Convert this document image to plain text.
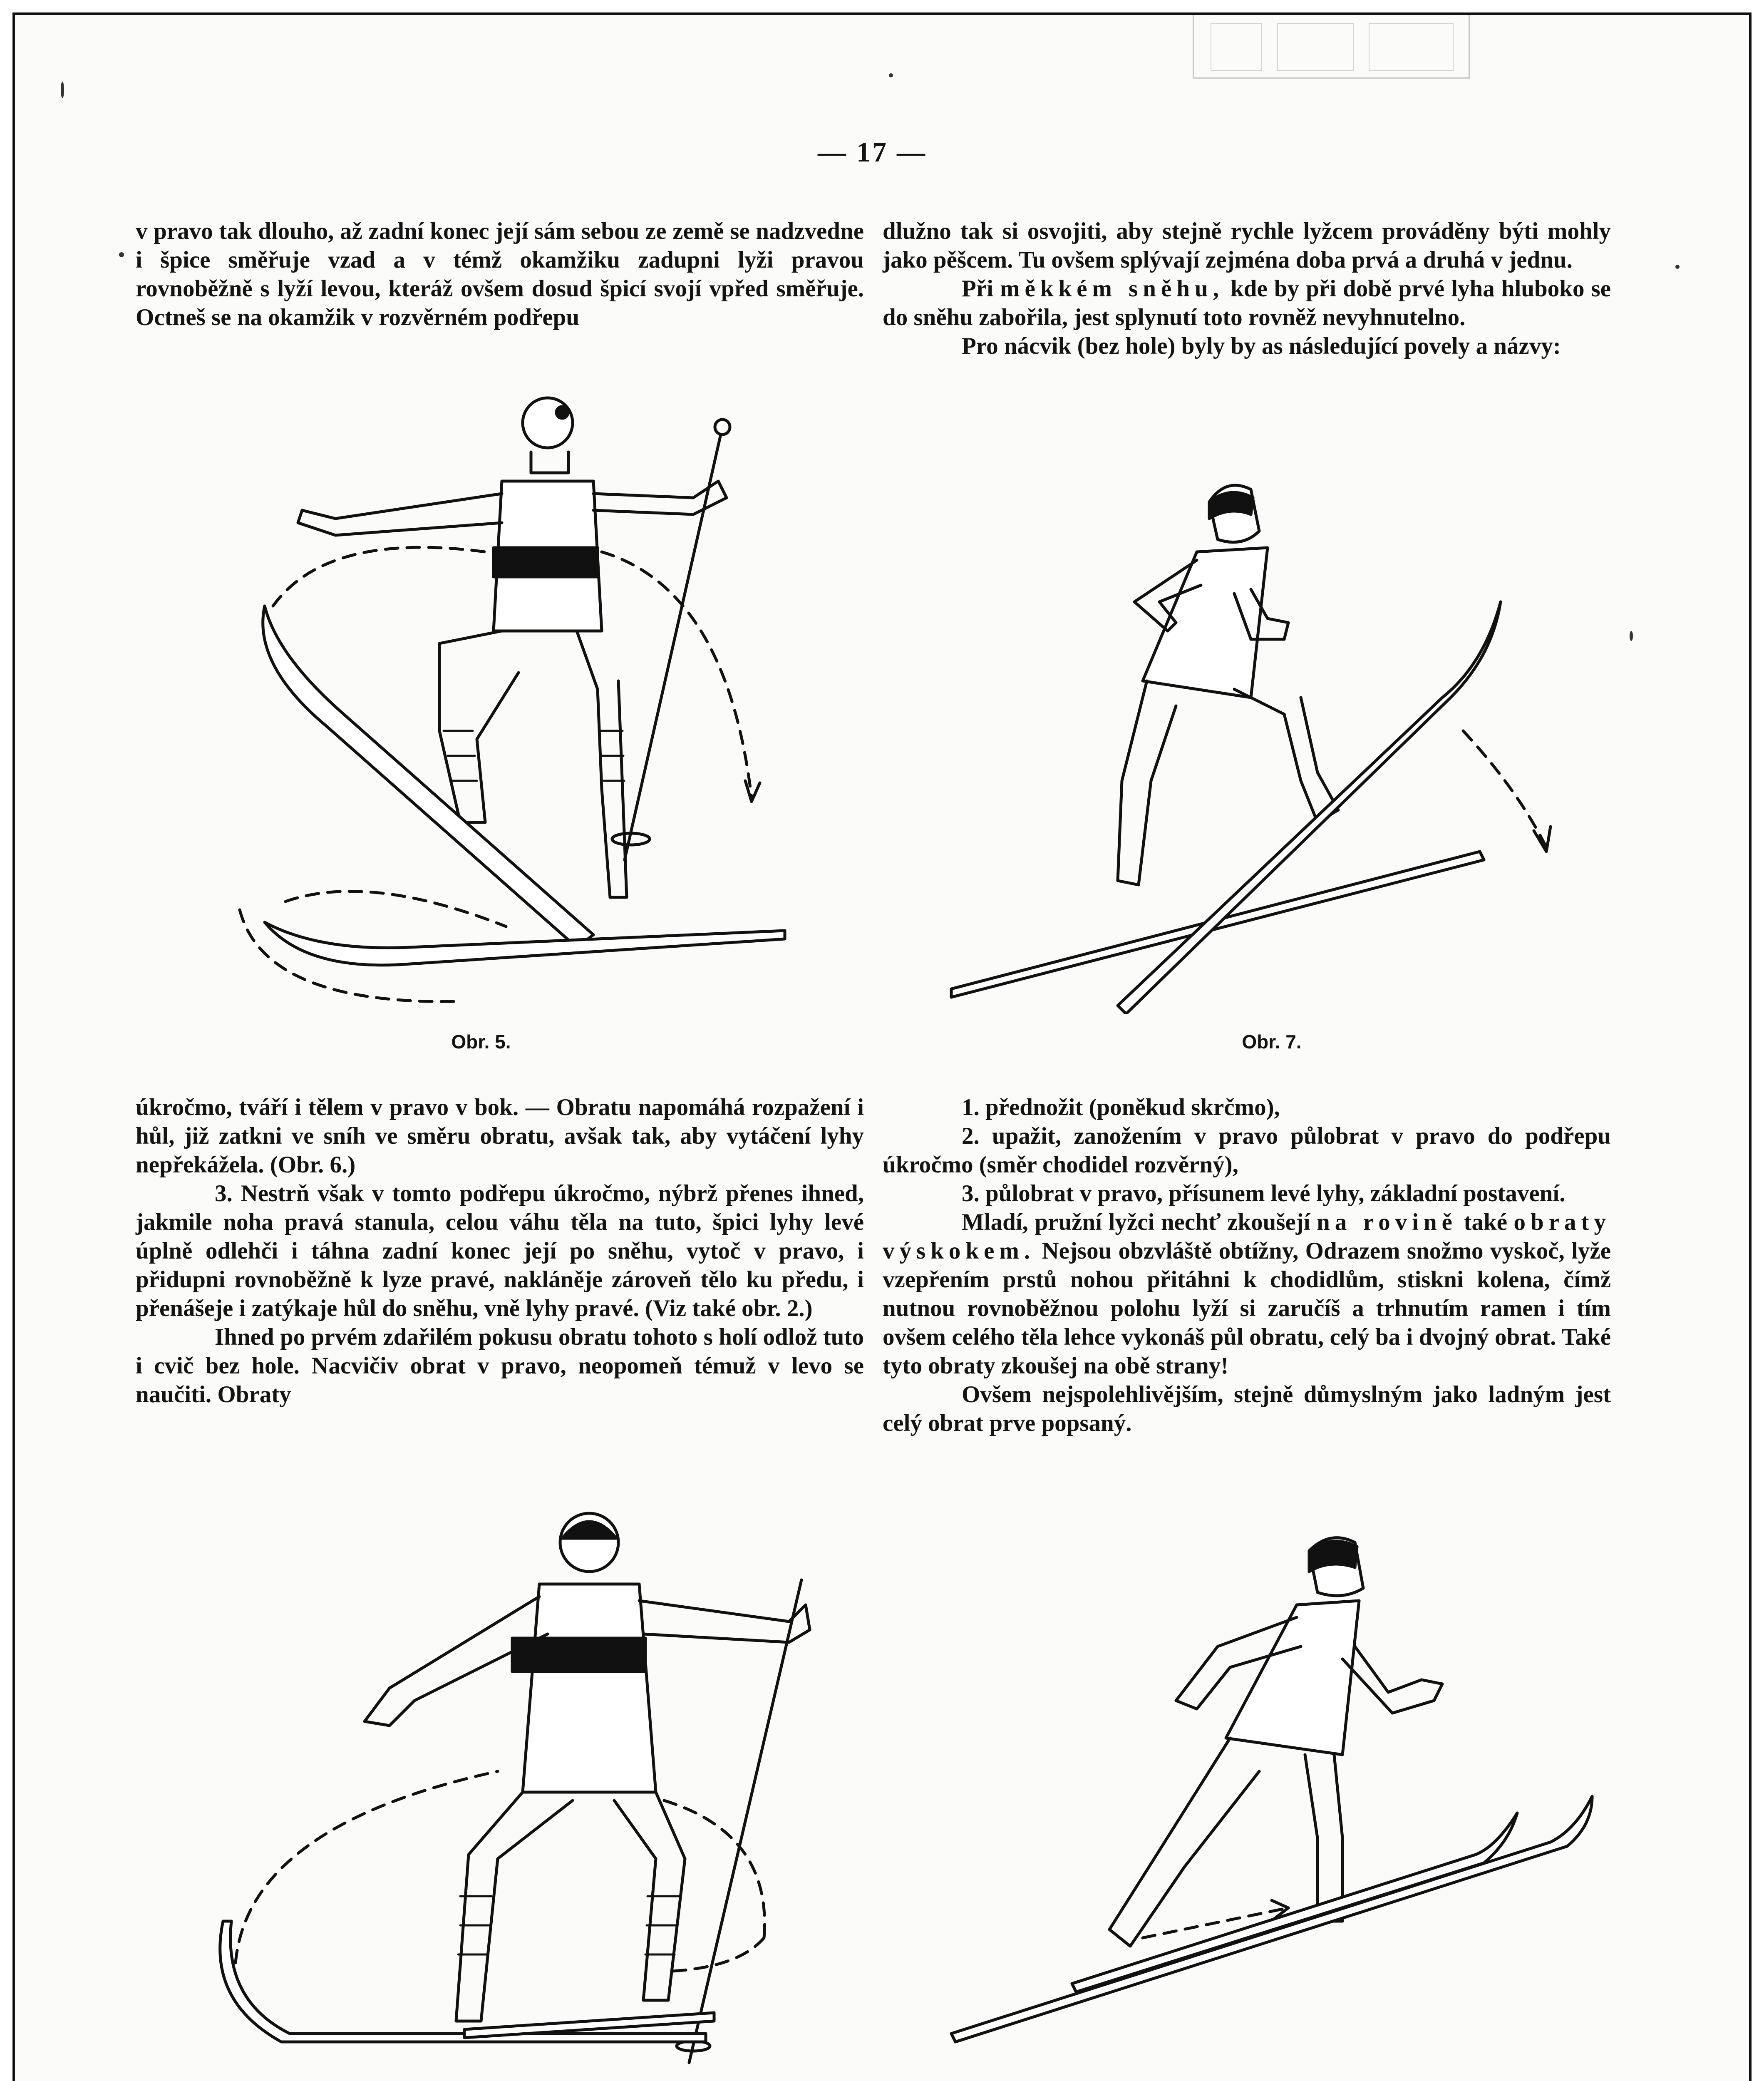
— 17 —

v pravo tak dlouho, až zadní konec její sám sebou ze země se nadzvedne i špice směřuje vzad a v témž okamžiku zadupni lyži pravou rovnoběžně s lyží levou, kteráž ovšem dosud špicí svojí vpřed směřuje. Octneš se na okamžik v rozvěrném podřepu

dlužno tak si osvojiti, aby stejně rychle lyžcem prováděny býti mohly jako pěšcem. Tu ovšem splývají zejména doba prvá a druhá v jednu.

Při měkkém sněhu, kde by při době prvé lyha hluboko se do sněhu zabořila, jest splynutí toto rovněž nevyhnutelno.

Pro nácvik (bez hole) byly by as následující povely a názvy:

Obr. 5.	Obr. 7.

úkročmo, tváří i tělem v pravo v bok. — Obratu napomáhá rozpažení i hůl, již zatkni ve sníh ve směru obratu, avšak tak, aby vytáčení lyhy nepřekážela. (Obr. 6.)

3. Nestrň však v tomto podřepu úkročmo, nýbrž přenes ihned, jakmile noha pravá stanula, celou váhu těla na tuto, špici lyhy levé úplně odlehči i táhna zadní konec její po sněhu, vytoč v pravo, i přidupni rovnoběžně k lyze pravé, nakláněje zároveň tělo ku předu, i přenášeje i zatýkaje hůl do sněhu, vně lyhy pravé. (Viz také obr. 2.)

Ihned po prvém zdařilém pokusu obratu tohoto s holí odlož tuto i cvič bez hole. Nacvičiv obrat v pravo, neopomeň témuž v levo se naučiti. Obraty

1. přednožit (poněkud skrčmo),

2. upažit, zanožením v pravo půlobrat v pravo do podřepu úkročmo (směr chodidel rozvěrný),

3. půlobrat v pravo, přísunem levé lyhy, základní postavení.

Mladí, pružní lyžci nechť zkoušejí na rovině také obraty výskokem. Nejsou obzvláště obtížny, Odrazem snožmo vyskoč, lyže vzepřením prstů nohou přitáhni k chodidlům, stiskni kolena, čímž nutnou rovnoběžnou polohu lyží si zaručíš a trhnutím ramen i tím ovšem celého těla lehce vykonáš půl obratu, celý ba i dvojný obrat. Také tyto obraty zkoušej na obě strany!

Ovšem nejspolehlivějším, stejně důmyslným jako ladným jest celý obrat prve popsaný.
